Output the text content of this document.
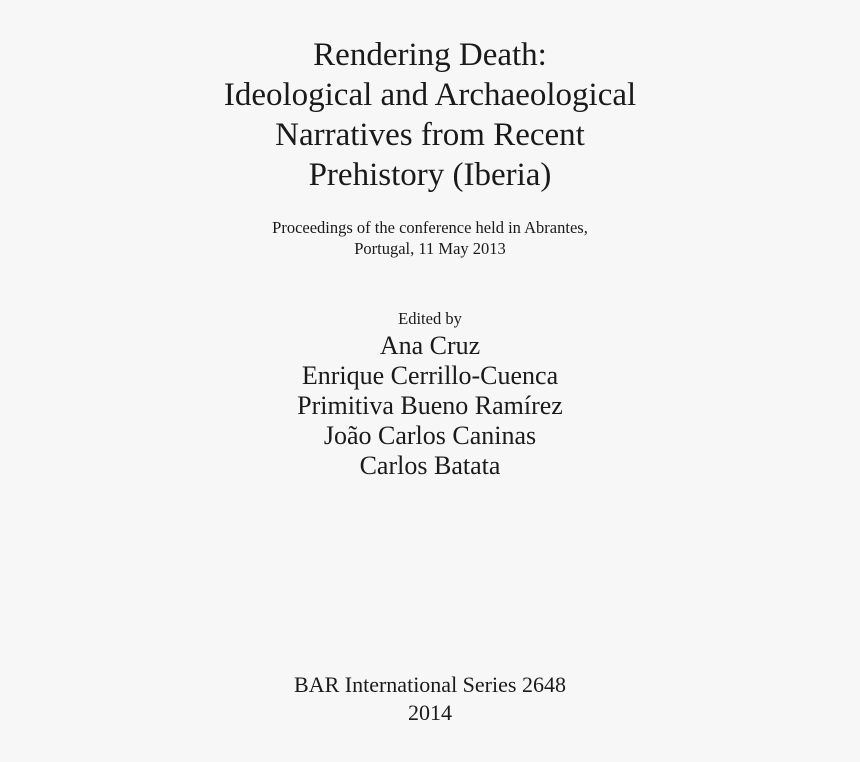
Rendering Death:
Ideological and Archaeological
Narratives from Recent
Prehistory (Iberia)
Proceedings of the conference held in Abrantes,
Portugal, 11 May 2013
Edited by
Ana Cruz
Enrique Cerrillo-Cuenca
Primitiva Bueno Ramírez
João Carlos Caninas
Carlos Batata
BAR International Series 2648
2014
